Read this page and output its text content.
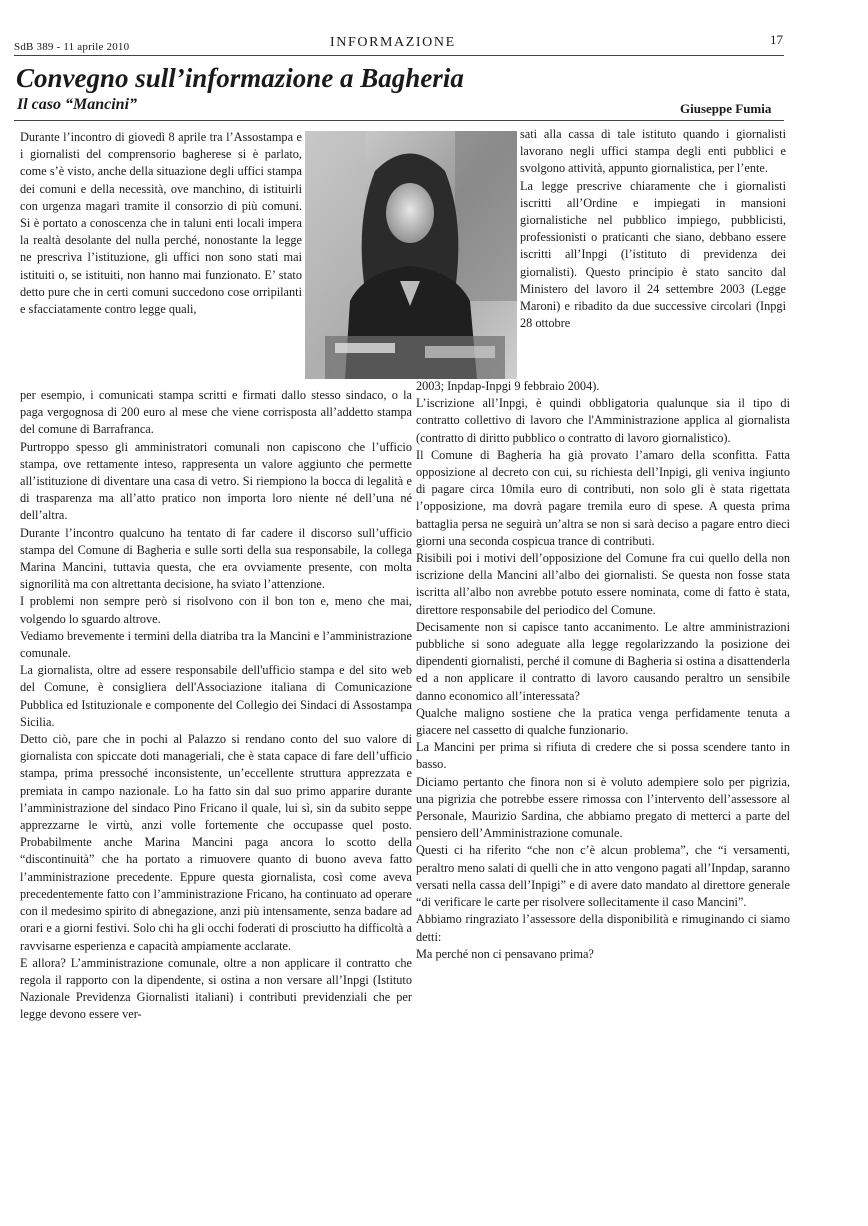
SdB 389 - 11 aprile 2010	INFORMAZIONE	17
Convegno sull’informazione a Bagheria
Il caso “Mancini”	Giuseppe Fumia

Durante l’incontro di giovedì 8 aprile tra l’Assostampa e i giornalisti del comprensorio bagherese si è parlato, come s’è visto, anche della situazione degli uffici stampa dei comuni e della necessità, ove manchino, di istituirli con urgenza magari tramite il consorzio di più comuni. Si è portato a conoscenza che in taluni enti locali impera la realtà desolante del nulla perché, nonostante la legge ne prescriva l’istituzione, gli uffici non sono stati mai istituiti o, se istituiti, non hanno mai funzionato. E’ stato detto pure che in certi comuni succedono cose orripilanti e sfacciatamente contro legge quali,

per esempio, i comunicati stampa scritti e firmati dallo stesso sindaco, o la paga vergognosa di 200 euro al mese che viene corrisposta all’addetto stampa del comune di Barrafranca.

Purtroppo spesso gli amministratori comunali non capiscono che l’ufficio stampa, ove rettamente inteso, rappresenta un valore aggiunto che permette all’istituzione di diventare una casa di vetro. Si riempiono la bocca di legalità e di trasparenza ma all’atto pratico non importa loro niente né dell’una né dell’altra.

Durante l’incontro qualcuno ha tentato di far cadere il discorso sull’ufficio stampa del Comune di Bagheria e sulle sorti della sua responsabile, la collega Marina Mancini, tuttavia questa, che era ovviamente presente, con molta signorilità ma con altrettanta decisione, ha sviato l’attenzione.

I problemi non sempre però si risolvono con il bon ton e, meno che mai, volgendo lo sguardo altrove.

Vediamo brevemente i termini della diatriba tra la Mancini e l’amministrazione comunale.

La giornalista, oltre ad essere responsabile dell'ufficio stampa e del sito web del Comune, è consigliera dell'Associazione italiana di Comunicazione Pubblica ed Istituzionale e componente del Collegio dei Sindaci di Assostampa Sicilia.

Detto ciò, pare che in pochi al Palazzo si rendano conto del suo valore di giornalista con spiccate doti manageriali, che è stata capace di fare dell’ufficio stampa, prima pressoché inconsistente, un’eccellente struttura apprezzata e premiata in campo nazionale. Lo ha fatto sin dal suo primo apparire durante l’amministrazione del sindaco Pino Fricano il quale, lui sì, sin da subito seppe apprezzarne le virtù, anzi volle fortemente che occupasse quel posto. Probabilmente anche Marina Mancini paga ancora lo scotto della “discontinuità” che ha portato a rimuovere quanto di buono aveva fatto l’amministrazione precedente. Eppure questa giornalista, così come aveva precedentemente fatto con l’amministrazione Fricano, ha continuato ad operare con il medesimo spirito di abnegazione, anzi più intensamente, senza badare ad orari e a giorni festivi. Solo chi ha gli occhi foderati di prosciutto ha difficoltà a ravvisarne esperienza e capacità ampiamente acclarate.

E allora? L’amministrazione comunale, oltre a non applicare il contratto che regola il rapporto con la dipendente, si ostina a non versare all’Inpgi (Istituto Nazionale Previdenza Giornalisti italiani) i contributi previdenziali che per legge devono essere ver-

sati alla cassa di tale istituto quando i giornalisti lavorano negli uffici stampa degli enti pubblici e svolgono attività, appunto giornalistica, per l’ente.

La legge prescrive chiaramente che i giornalisti iscritti all’Ordine e impiegati in mansioni giornalistiche nel pubblico impiego, pubblicisti, professionisti o praticanti che siano, debbano essere iscritti all’Inpgi (l’istituto di previdenza dei giornalisti). Questo principio è stato sancito dal Ministero del lavoro il 24 settembre 2003 (Legge Maroni) e ribadito da due successive circolari (Inpgi 28 ottobre

2003; Inpdap-Inpgi 9 febbraio 2004).

L’iscrizione all’Inpgi, è quindi obbligatoria qualunque sia il tipo di contratto collettivo di lavoro che l'Amministrazione applica al giornalista (contratto di diritto pubblico o contratto di lavoro giornalistico).

Il Comune di Bagheria ha già provato l’amaro della sconfitta. Fatta opposizione al decreto con cui, su richiesta dell’Inpigi, gli veniva ingiunto di pagare circa 10mila euro di contributi, non solo gli è stata rigettata l’opposizione, ma dovrà pagare tremila euro di spese. A questa prima battaglia persa ne seguirà un’altra se non si sarà deciso a pagare entro dieci giorni una seconda cospicua trance di contributi.

Risibili poi i motivi dell’opposizione del Comune fra cui quello della non iscrizione della Mancini all’albo dei giornalisti. Se questa non fosse stata iscritta all’albo non avrebbe potuto essere nominata, come di fatto è stata, direttore responsabile del periodico del Comune.

Decisamente non si capisce tanto accanimento. Le altre amministrazioni pubbliche si sono adeguate alla legge regolarizzando la posizione dei dipendenti giornalisti, perché il comune di Bagheria si ostina a disattenderla ed a non applicare il contratto di lavoro causando peraltro un sensibile danno economico all’interessata?

Qualche maligno sostiene che la pratica venga perfidamente tenuta a giacere nel cassetto di qualche funzionario.

La Mancini per prima si rifiuta di credere che si possa scendere tanto in basso.

Diciamo pertanto che finora non si è voluto adempiere solo per pigrizia, una pigrizia che potrebbe essere rimossa con l’intervento dell’assessore al Personale, Maurizio Sardina, che abbiamo pregato di metterci a parte del pensiero dell’Amministrazione comunale.

Questi ci ha riferito “che non c’è alcun problema”, che “i versamenti, peraltro meno salati di quelli che in atto vengono pagati all’Inpdap, saranno versati nella cassa dell’Inpigi” e di avere dato mandato al direttore generale “di verificare le carte per risolvere sollecitamente il caso Mancini”.

Abbiamo ringraziato l’assessore della disponibilità e rimuginando ci siamo detti:

Ma perché non ci pensavano prima?
